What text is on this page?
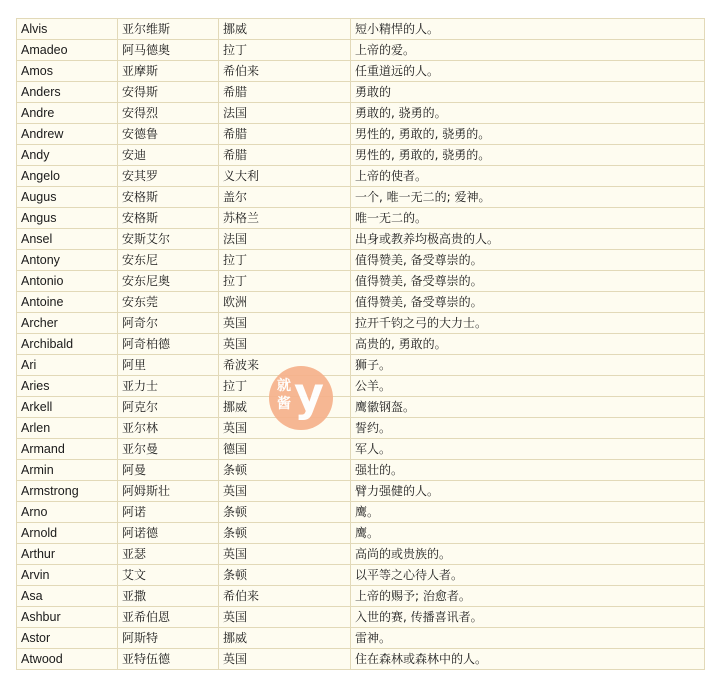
Alvis	亚尔维斯	挪威	短小精悍的人。
Amadeo	阿马德奥	拉丁	上帝的爱。
Amos	亚摩斯	希伯来	任重道远的人。
Anders	安得斯	希腊	勇敢的
Andre	安得烈	法国	勇敢的, 骁勇的。
Andrew	安德鲁	希腊	男性的, 勇敢的, 骁勇的。
Andy	安迪	希腊	男性的, 勇敢的, 骁勇的。
Angelo	安其罗	义大利	上帝的使者。
Augus	安格斯	盖尔	一个, 唯一无二的; 爱神。
Angus	安格斯	苏格兰	唯一无二的。
Ansel	安斯艾尔	法国	出身或教养均极高贵的人。
Antony	安东尼	拉丁	值得赞美, 备受尊崇的。
Antonio	安东尼奥	拉丁	值得赞美, 备受尊崇的。
Antoine	安东莞	欧洲	值得赞美, 备受尊崇的。
Archer	阿奇尔	英国	拉开千钧之弓的大力士。
Archibald	阿奇柏德	英国	高贵的, 勇敢的。
Ari	阿里	希波来	狮子。
Aries	亚力士	拉丁	公羊。
Arkell	阿克尔	挪威	鹰徽钢盔。
Arlen	亚尔林	英国	誓约。
Armand	亚尔曼	德国	军人。
Armin	阿曼	条顿	强壮的。
Armstrong	阿姆斯壮	英国	臂力强健的人。
Arno	阿诺	条顿	鹰。
Arnold	阿诺德	条顿	鹰。
Arthur	亚瑟	英国	高尚的或贵族的。
Arvin	艾文	条顿	以平等之心待人者。
Asa	亚撒	希伯来	上帝的赐予; 治愈者。
Ashbur	亚希伯恩	英国	入世的赛, 传播喜讯者。
Astor	阿斯特	挪威	雷神。
Atwood	亚特伍德	英国	住在森林或森林中的人。
就酱 y
